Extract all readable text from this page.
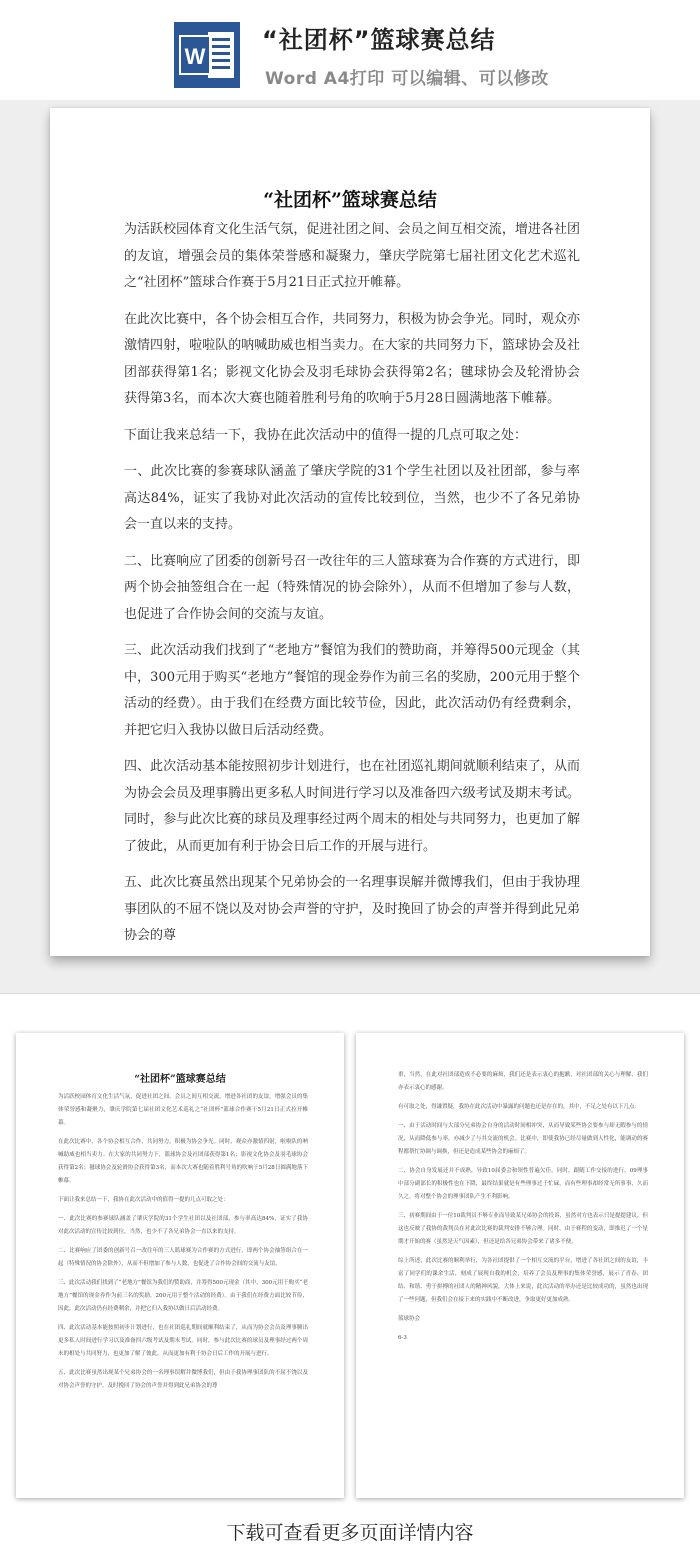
W
“社团杯”篮球赛总结
Word A4打印 可以编辑、可以修改
“社团杯”篮球赛总结

为活跃校园体育文化生活气氛，促进社团之间、会员之间互相交流，增进各社团的友谊，增强会员的集体荣誉感和凝聚力，肇庆学院第七届社团文化艺术巡礼之“社团杯”篮球合作赛于5月21日正式拉开帷幕。

在此次比赛中，各个协会相互合作，共同努力，积极为协会争光。同时，观众亦激情四射，啦啦队的呐喊助威也相当卖力。在大家的共同努力下，篮球协会及社团部获得第1名；影视文化协会及羽毛球协会获得第2名；毽球协会及轮滑协会获得第3名，而本次大赛也随着胜利号角的吹响于5月28日圆满地落下帷幕。

下面让我来总结一下，我协在此次活动中的值得一提的几点可取之处：

一、此次比赛的参赛球队涵盖了肇庆学院的31个学生社团以及社团部，参与率高达84%，证实了我协对此次活动的宣传比较到位，当然，也少不了各兄弟协会一直以来的支持。

二、比赛响应了团委的创新号召一改往年的三人篮球赛为合作赛的方式进行，即两个协会抽签组合在一起（特殊情况的协会除外），从而不但增加了参与人数，也促进了合作协会间的交流与友谊。

三、此次活动我们找到了“老地方”餐馆为我们的赞助商，并筹得500元现金（其中，300元用于购买“老地方”餐馆的现金券作为前三名的奖励，200元用于整个活动的经费）。由于我们在经费方面比较节俭，因此，此次活动仍有经费剩余，并把它归入我协以做日后活动经费。

四、此次活动基本能按照初步计划进行，也在社团巡礼期间就顺利结束了，从而为协会会员及理事腾出更多私人时间进行学习以及准备四六级考试及期末考试。同时，参与此次比赛的球员及理事经过两个周末的相处与共同努力，也更加了解了彼此，从而更加有利于协会日后工作的开展与进行。

五、此次比赛虽然出现某个兄弟协会的一名理事误解并微博我们，但由于我协理事团队的不屈不饶以及对协会声誉的守护，及时挽回了协会的声誉并得到此兄弟协会的尊

“社团杯”篮球赛总结

为活跃校园体育文化生活气氛，促进社团之间、会员之间互相交流，增进各社团的友谊，增强会员的集体荣誉感和凝聚力，肇庆学院第七届社团文化艺术巡礼之“社团杯”篮球合作赛于5月21日正式拉开帷幕。

在此次比赛中，各个协会相互合作，共同努力，积极为协会争光。同时，观众亦激情四射，啦啦队的呐喊助威也相当卖力。在大家的共同努力下，篮球协会及社团部获得第1名；影视文化协会及羽毛球协会获得第2名；毽球协会及轮滑协会获得第3名，而本次大赛也随着胜利号角的吹响于5月28日圆满地落下帷幕。

下面让我来总结一下，我协在此次活动中的值得一提的几点可取之处：

一、此次比赛的参赛球队涵盖了肇庆学院的31个学生社团以及社团部，参与率高达84%，证实了我协对此次活动的宣传比较到位，当然，也少不了各兄弟协会一直以来的支持。

二、比赛响应了团委的创新号召一改往年的三人篮球赛为合作赛的方式进行，即两个协会抽签组合在一起（特殊情况的协会除外），从而不但增加了参与人数，也促进了合作协会间的交流与友谊。

三、此次活动我们找到了“老地方”餐馆为我们的赞助商，并筹得500元现金（其中，300元用于购买“老地方”餐馆的现金券作为前三名的奖励，200元用于整个活动的经费）。由于我们在经费方面比较节俭，因此，此次活动仍有经费剩余，并把它归入我协以做日后活动经费。

四、此次活动基本能按照初步计划进行，也在社团巡礼期间就顺利结束了，从而为协会会员及理事腾出更多私人时间进行学习以及准备四六级考试及期末考试。同时，参与此次比赛的球员及理事经过两个周末的相处与共同努力，也更加了解了彼此，从而更加有利于协会日后工作的开展与进行。

五、此次比赛虽然出现某个兄弟协会的一名理事误解并微博我们，但由于我协理事团队的不屈不饶以及对协会声誉的守护，及时挽回了协会的声誉并得到此兄弟协会的尊

重，当然，在此对社团部造成不必要的麻烦，我们还是表示衷心的抱歉，对社团部的关心与理解，我们亦表示衷心的感谢。

有可取之处，得谦置疑，我协在此次活动中暴露的问题也还是存在的，其中，不足之处有以下几点：

一、由于活动时间与大部分兄弟协会自身的活动时间相冲突，从而导致某些协会要参与却无暇参与的情况，从而降低参与率，亦减少了与其交流的机会。比赛中，即使我协已经尽量做到人性化，能调动的赛程都帮忙协调与调换，但还是造成某些协会的麻烦了。

二、协会自身发展还并不成熟，导致10届委会和领性普遍欠佳，同时，跟随工作交接的进行，09理事中部分副部长的积极性也在下降，最终结果就是有些理事过于忙碌，而有些理事却经常无所事事，久而久之，将对整个协会的理事团队产生不利影响。

三、初赛期间由于一位10裁判员不够专业而导致某兄弟协会的投诉，虽然对方也表示只是提提建议，但这也反映了我协的裁判员在对此次比赛的裁判安排不够合理。同时，由于赛程的变动，即推迟了一个星期才开始的赛（虽然是天气因素），但还是给各兄弟协会带来了诸多不便。

综上所述，此次比赛的顺利举行，为各社团提供了一个相互交流的平台，增进了各社团之间的友谊，丰富了同学们的课余生活，刻成了展现自我的机会，培养了会员及理事的集体荣誉感，展示了青春、团结、和谐、勇于拼搏的社团人的精神风貌，大体上来说，此次活动的举办还是比较成功的，虽然也出现了一些问题，但我们会在接下来的实践中不断改进，争取更好更加成熟。

篮球协会

6-3

下载可查看更多页面详情内容
